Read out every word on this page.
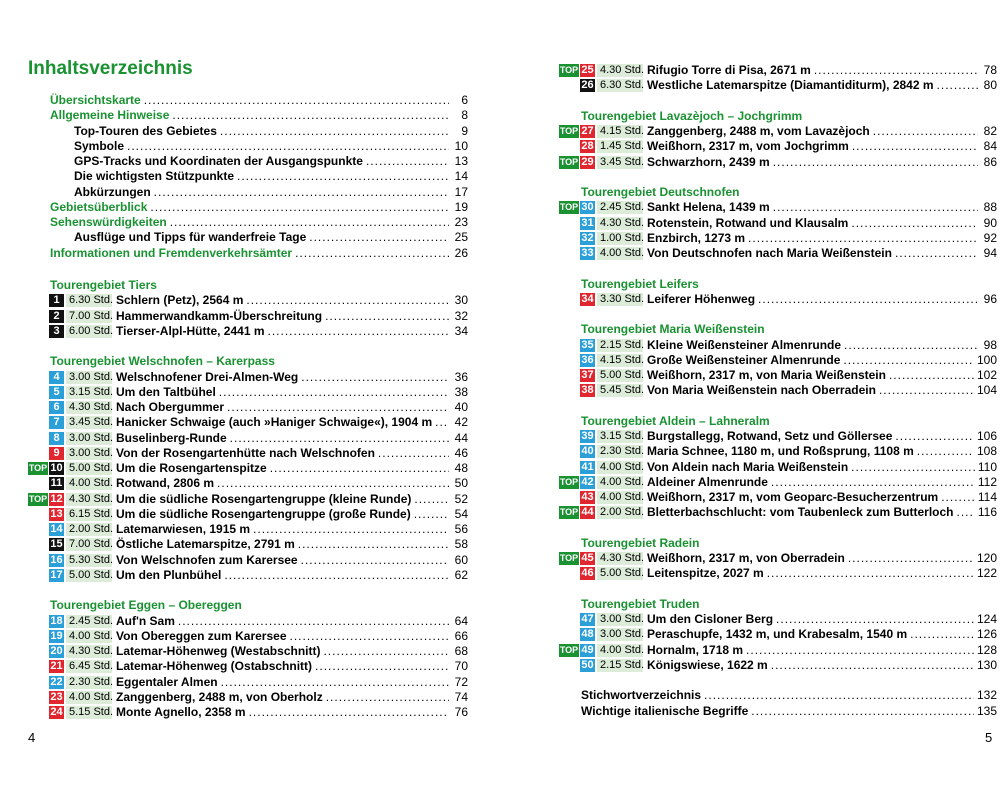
Inhaltsverzeichnis
Übersichtskarte .....	6
Allgemeine Hinweise .....	8
Top-Touren des Gebietes .....	9
Symbole .....	10
GPS-Tracks und Koordinaten der Ausgangspunkte .....	13
Die wichtigsten Stützpunkte .....	14
Abkürzungen .....	17
Gebietsüberblick .....	19
Sehenswürdigkeiten .....	23
Ausflüge und Tipps für wanderfreie Tage .....	25
Informationen und Fremdenverkehrsämter .....	26
Tourengebiet Tiers
1 6.30 Std. Schlern (Petz), 2564 m .....	30
2 7.00 Std. Hammerwandkamm-Überschreitung .....	32
3 6.00 Std. Tierser-Alpl-Hütte, 2441 m .....	34
Tourengebiet Welschnofen – Karerpass
4 3.00 Std. Welschnofener Drei-Almen-Weg .....	36
5 3.15 Std. Um den Taltbühel .....	38
6 4.30 Std. Nach Obergummer .....	40
7 3.45 Std. Hanicker Schwaige (auch »Haniger Schwaige«), 1904 m ..... 42
8 3.00 Std. Buselinberg-Runde .....	44
9 3.00 Std. Von der Rosengartenhütte nach Welschnofen .....	46
TOP 10 5.00 Std. Um die Rosengartenspitze .....	48
11 4.00 Std. Rotwand, 2806 m .....	50
TOP 12 4.30 Std. Um die südliche Rosengartengruppe (kleine Runde) .....	52
13 6.15 Std. Um die südliche Rosengartengruppe (große Runde) .....	54
14 2.00 Std. Latemarwiesen, 1915 m .....	56
15 7.00 Std. Östliche Latemarspitze, 2791 m .....	58
16 5.30 Std. Von Welschnofen zum Karersee .....	60
17 5.00 Std. Um den Plunbühel .....	62
Tourengebiet Eggen – Obereggen
18 2.45 Std. Auf'n Sam .....	64
19 4.00 Std. Von Obereggen zum Karersee .....	66
20 4.30 Std. Latemar-Höhenweg (Westabschnitt) .....	68
21 6.45 Std. Latemar-Höhenweg (Ostabschnitt) .....	70
22 2.30 Std. Eggentaler Almen .....	72
23 4.00 Std. Zanggenberg, 2488 m, von Oberholz .....	74
24 5.15 Std. Monte Agnello, 2358 m .....	76
TOP 25 4.30 Std. Rifugio Torre di Pisa, 2671 m .....	78
26 6.30 Std. Westliche Latemarspitze (Diamantiditurm), 2842 m .....	80
Tourengebiet Lavazèjoch – Jochgrimm
TOP 27 4.15 Std. Zanggenberg, 2488 m, vom Lavazèjoch .....	82
28 1.45 Std. Weißhorn, 2317 m, vom Jochgrimm .....	84
TOP 29 3.45 Std. Schwarzhorn, 2439 m .....	86
Tourengebiet Deutschnofen
TOP 30 2.45 Std. Sankt Helena, 1439 m .....	88
31 4.30 Std. Rotenstein, Rotwand und Klausalm .....	90
32 1.00 Std. Enzbirch, 1273 m .....	92
33 4.00 Std. Von Deutschnofen nach Maria Weißenstein .....	94
Tourengebiet Leifers
34 3.30 Std. Leiferer Höhenweg .....	96
Tourengebiet Maria Weißenstein
35 2.15 Std. Kleine Weißensteiner Almenrunde .....	98
36 4.15 Std. Große Weißensteiner Almenrunde .....	100
37 5.00 Std. Weißhorn, 2317 m, von Maria Weißenstein .....	102
38 5.45 Std. Von Maria Weißenstein nach Oberradein .....	104
Tourengebiet Aldein – Lahneralm
39 3.15 Std. Burgstallegg, Rotwand, Setz und Göllersee .....	106
40 2.30 Std. Maria Schnee, 1180 m, und Roßsprung, 1108 m .....	108
41 4.00 Std. Von Aldein nach Maria Weißenstein .....	110
TOP 42 4.00 Std. Aldeiner Almenrunde .....	112
43 4.00 Std. Weißhorn, 2317 m, vom Geoparc-Besucherzentrum .....	114
TOP 44 2.00 Std. Bletterbachschlucht: vom Taubenleck zum Butterloch ..... 116
Tourengebiet Radein
TOP 45 4.30 Std. Weißhorn, 2317 m, von Oberradein .....	120
46 5.00 Std. Leitenspitze, 2027 m .....	122
Tourengebiet Truden
47 3.00 Std. Um den Cisloner Berg .....	124
48 3.00 Std. Peraschupfe, 1432 m, und Krabesalm, 1540 m .....	126
TOP 49 4.00 Std. Hornalm, 1718 m .....	128
50 2.15 Std. Königswiese, 1622 m .....	130
Stichwortverzeichnis .....	132
Wichtige italienische Begriffe .....	135
4	5
